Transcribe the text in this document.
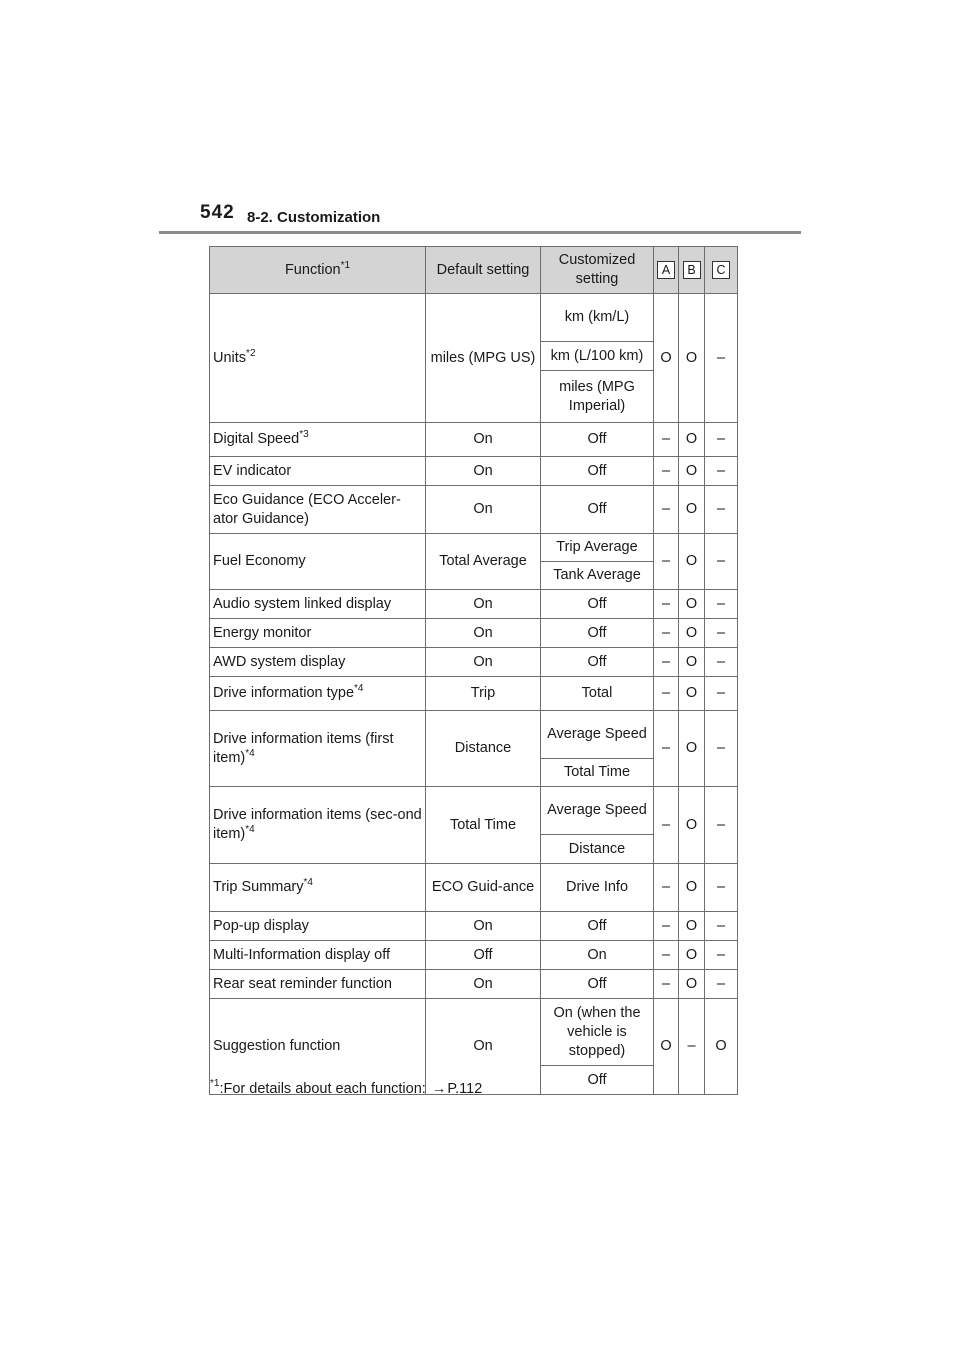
542 8-2. Customization
Function$^{*1}$	Default setting	Customized setting	A	B	C
Units$^{*2}$	miles (MPG US)	km (km/L)	O	O	–
		km (L/100 km)			
		miles (MPG Imperial)			
Digital Speed$^{*3}$	On	Off	–	O	–
EV indicator	On	Off	–	O	–
Eco Guidance (ECO Acceler-ator Guidance)	On	Off	–	O	–
Fuel Economy	Total Average	Trip Average	–	O	–
		Tank Average			
Audio system linked display	On	Off	–	O	–
Energy monitor	On	Off	–	O	–
AWD system display	On	Off	–	O	–
Drive information type$^{*4}$	Trip	Total	–	O	–
Drive information items (first item)$^{*4}$	Distance	Average Speed	–	O	–
		Total Time			
Drive information items (sec-ond item)$^{*4}$	Total Time	Average Speed	–	O	–
		Distance			
Trip Summary$^{*4}$	ECO Guid-ance	Drive Info	–	O	–
Pop-up display	On	Off	–	O	–
Multi-Information display off	Off	On	–	O	–
Rear seat reminder function	On	Off	–	O	–
Suggestion function	On	On (when the vehicle is stopped)	O	–	O
		Off			
$^{*1}$:For details about each function: →P.112
